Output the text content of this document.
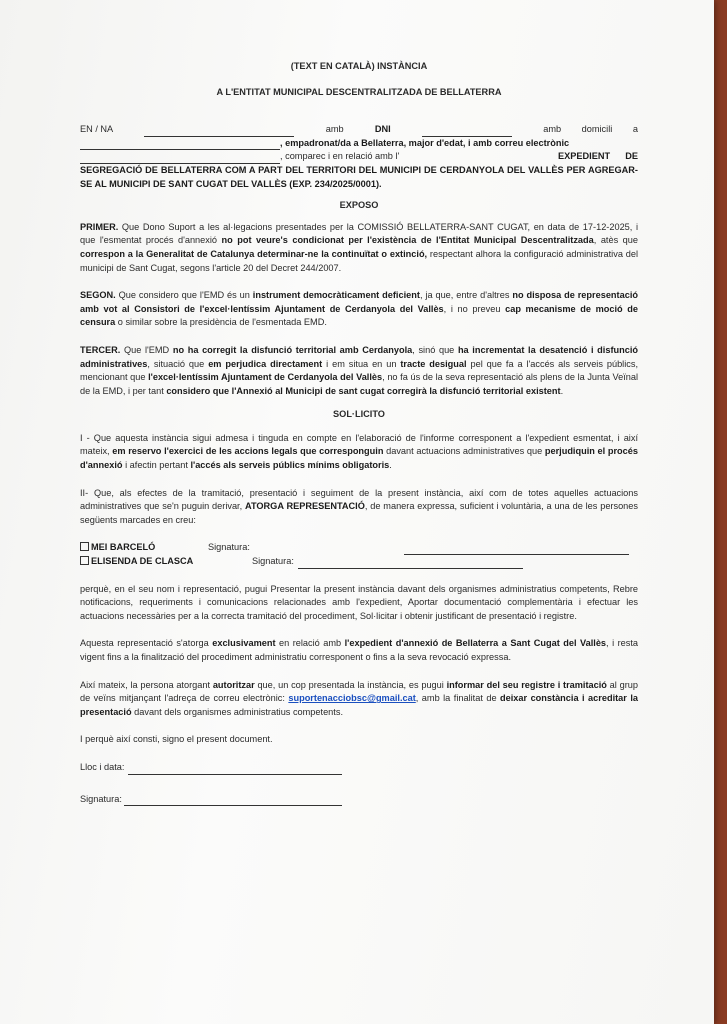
(TEXT EN CATALÀ) INSTÀNCIA
A L'ENTITAT MUNICIPAL DESCENTRALITZADA DE BELLATERRA
EN / NA	amb	DNI	amb domicili a
, empadronat/da a Bellaterra, major d'edat, i amb correu electrònic
, comparec i en relació amb l'	EXPEDIENT DE SEGREGACIÓ DE BELLATERRA COM A PART DEL TERRITORI DEL MUNICIPI DE CERDANYOLA DEL VALLÈS PER AGREGAR-SE AL MUNICIPI DE SANT CUGAT DEL VALLÈS (EXP. 234/2025/0001).

EXPOSO

PRIMER. Que Dono Suport a les al·legacions presentades per la COMISSIÓ BELLATERRA-SANT CUGAT, en data de 17-12-2025, i que l'esmentat procés d'annexió no pot veure's condicionat per l'existència de l'Entitat Municipal Descentralitzada, atès que correspon a la Generalitat de Catalunya determinar-ne la continuïtat o extinció, respectant alhora la configuració administrativa del municipi de Sant Cugat, segons l'article 20 del Decret 244/2007.

SEGON. Que considero que l'EMD és un instrument democràticament deficient, ja que, entre d'altres no disposa de representació amb vot al Consistori de l'excel·lentíssim Ajuntament de Cerdanyola del Vallès, i no preveu cap mecanisme de moció de censura o similar sobre la presidència de l'esmentada EMD.

TERCER. Que l'EMD no ha corregit la disfunció territorial amb Cerdanyola, sinó que ha incrementat la desatenció i disfunció administratives, situació que em perjudica directament i em situa en un tracte desigual pel que fa a l'accés als serveis públics, mencionant que l'excel·lentíssim Ajuntament de Cerdanyola del Vallès, no fa ús de la seva representació als plens de la Junta Veïnal de la EMD, i per tant considero que l'Annexió al Municipi de sant cugat corregirà la disfunció territorial existent.

SOL·LICITO

I - Que aquesta instància sigui admesa i tinguda en compte en l'elaboració de l'informe corresponent a l'expedient esmentat, i així mateix, em reservo l'exercici de les accions legals que corresponguin davant actuacions administratives que perjudiquin el procés d'annexió i afectin pertant l'accés als serveis públics mínims obligatoris.

II- Que, als efectes de la tramitació, presentació i seguiment de la present instància, així com de totes aquelles actuacions administratives que se'n puguin derivar, ATORGA REPRESENTACIÓ, de manera expressa, suficient i voluntària, a una de les persones següents marcades en creu:

MEI BARCELÓ	Signatura:
ELISENDA DE CLASCA	Signatura:

perquè, en el seu nom i representació, pugui Presentar la present instància davant dels organismes administratius competents, Rebre notificacions, requeriments i comunicacions relacionades amb l'expedient, Aportar documentació complementària i efectuar les actuacions necessàries per a la correcta tramitació del procediment, Sol·licitar i obtenir justificant de presentació i registre.

Aquesta representació s'atorga exclusivament en relació amb l'expedient d'annexió de Bellaterra a Sant Cugat del Vallès, i resta vigent fins a la finalització del procediment administratiu corresponent o fins a la seva revocació expressa.

Així mateix, la persona atorgant autoritzar que, un cop presentada la instància, es pugui informar del seu registre i tramitació al grup de veïns mitjançant l'adreça de correu electrònic: suportenacciobsc@gmail.cat, amb la finalitat de deixar constància i acreditar la presentació davant dels organismes administratius competents.

I perquè així consti, signo el present document.

Lloc i data:
Signatura:
